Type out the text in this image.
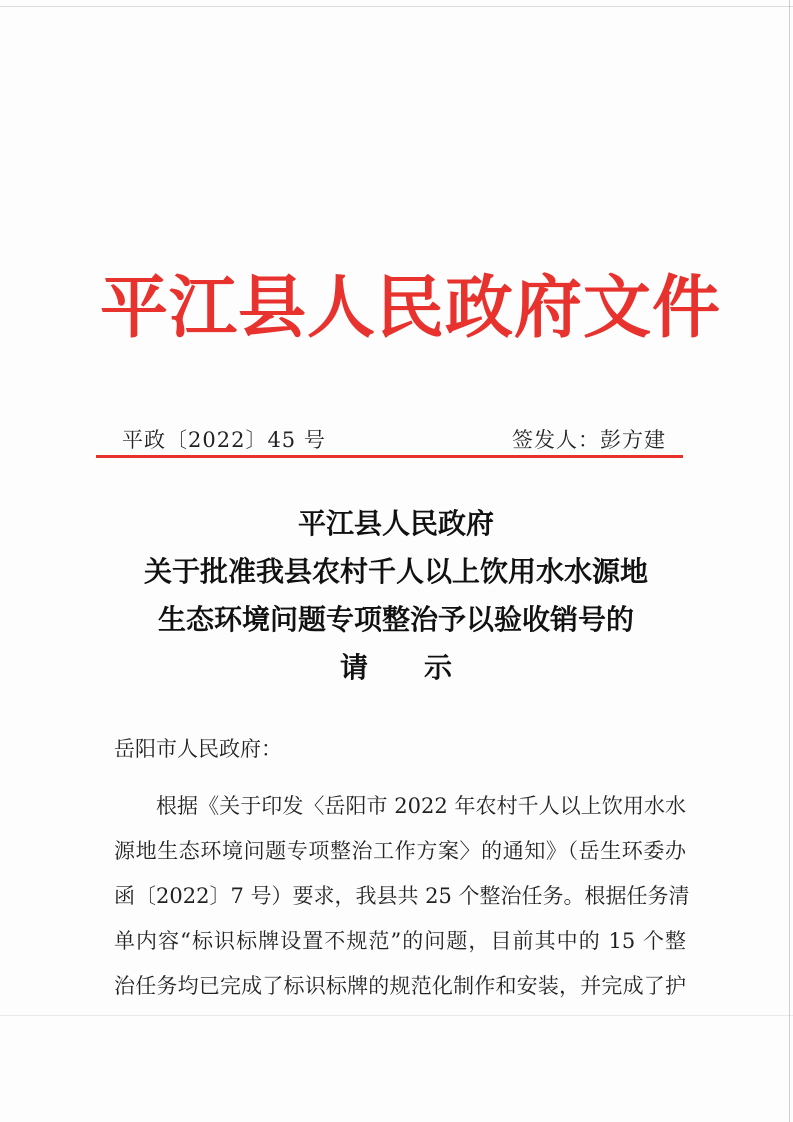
平江县人民政府文件
平政〔2022〕45 号	签发人：彭方建
平江县人民政府
关于批准我县农村千人以上饮用水水源地
生态环境问题专项整治予以验收销号的
请示
岳阳市人民政府：
根据《关于印发〈岳阳市 2022 年农村千人以上饮用水水
源地生态环境问题专项整治工作方案〉的通知》（岳生环委办
函〔2022〕7 号）要求，我县共 25 个整治任务。根据任务清
单内容“标识标牌设置不规范”的问题，目前其中的 15 个整
治任务均已完成了标识标牌的规范化制作和安装，并完成了护
